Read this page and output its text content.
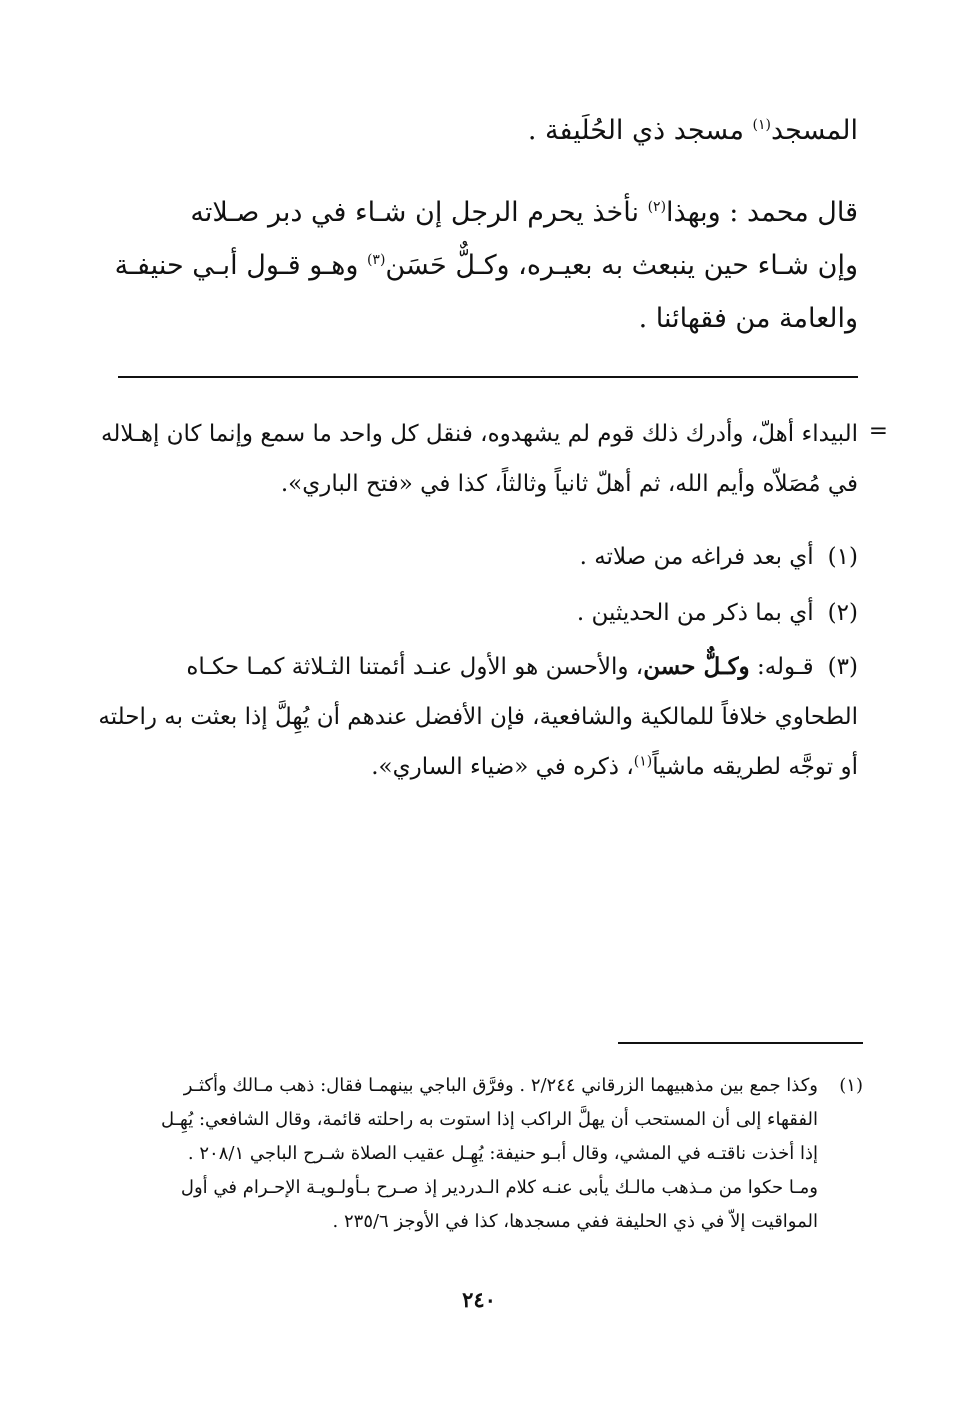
المسجد$^{(١)}$ مسجد ذي الحُلَيفة .
قال محمد : وبهذا$^{(٢)}$ نأخذ يحرم الرجل إن شـاء في دبر صـلاته
وإن شـاء حين ينبعث به بعيـره، وكـلٌّ حَسَن$^{(٣)}$ وهـو قـول أبـي حنيفـة
والعامة من فقهائنا .
=
البيداء أهلّ، وأدرك ذلك قوم لم يشهدوه، فنقل كل واحد ما سمع وإنما كان إهـلاله
في مُصَلاّه وأيم الله، ثم أهلّ ثانياً وثالثاً، كذا في «فتح الباري».
(١)أي بعد فراغه من صلاته .
(٢)أي بما ذكر من الحديثين .
(٣)قـوله: وكـلٌّ حسن، والأحسن هو الأول عنـد أئمتنا الثـلاثة كمـا حكـاه
الطحاوي خلافاً للمالكية والشافعية، فإن الأفضل عندهم أن يُهِلَّ إذا بعثت به راحلته
أو توجَّه لطريقه ماشياً$^{(١)}$، ذكره في «ضياء الساري».
(١)
وكذا جمع بين مذهبيهما الزرقاني ٢/٢٤٤ . وفرَّق الباجي بينهمـا فقال: ذهب مـالك وأكثـر
الفقهاء إلى أن المستحب أن يهلَّ الراكب إذا استوت به راحلته قائمة، وقال الشافعي: يُهِـل
إذا أخذت ناقتـه في المشي، وقال أبـو حنيفة: يُهِـل عقيب الصلاة شـرح الباجي ٢٠٨/١ .
ومـا حكوا من مـذهب مالـك يأبى عنـه كلام الـدردير إذ صـرح بـأولـويـة الإحـرام في أول
المواقيت إلاّ في ذي الحليفة ففي مسجدها، كذا في الأوجز ٢٣٥/٦ .
٢٤٠
